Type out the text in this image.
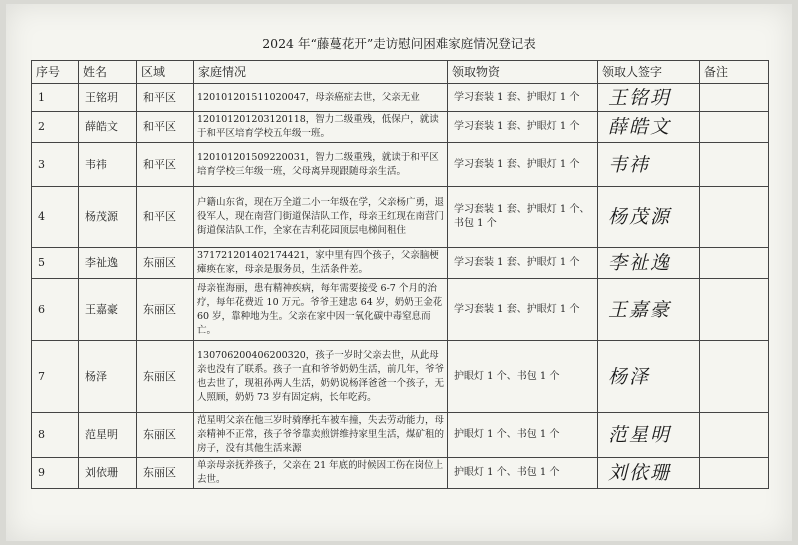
2024 年“藤蔓花开”走访慰问困难家庭情况登记表
序号	姓名	区域	家庭情况	领取物资	领取人签字	备注
1	王铭玥	和平区	120101201511020047，母亲癌症去世，父亲无业	学习套装 1 套、护眼灯 1 个	王铭玥	
2	薛皓文	和平区	120101201203120118，智力二级重残，低保户，就读于和平区培育学校五年级一班。	学习套装 1 套、护眼灯 1 个	薛皓文	
3	韦祎	和平区	120101201509220031，智力二级重残，就读于和平区培育学校三年级一班，父母离异现跟随母亲生活。	学习套装 1 套、护眼灯 1 个	韦祎	
4	杨茂源	和平区	户籍山东省，现在万全道二小一年级在学，父亲杨广勇，退役军人，现在南营门街道保洁队工作，母亲王红现在南营门街道保洁队工作，全家在吉利花园顶层电梯间租住	学习套装 1 套、护眼灯 1 个、书包 1 个	杨茂源	
5	李祉逸	东丽区	371721201402174421，家中里有四个孩子，父亲脑梗瘫痪在家，母亲是服务员，生活条件差。	学习套装 1 套、护眼灯 1 个	李祉逸	
6	王嘉豪	东丽区	母亲崔海丽，患有精神疾病，每年需要接受 6-7 个月的治疗，每年花费近 10 万元。爷爷王建忠 64 岁，奶奶王金花 60 岁，靠种地为生。父亲在家中因一氧化碳中毒窒息而亡。	学习套装 1 套、护眼灯 1 个	王嘉豪	
7	杨泽	东丽区	130706200406200320，孩子一岁时父亲去世，从此母亲也没有了联系。孩子一直和爷爷奶奶生活，前几年，爷爷也去世了，现祖孙两人生活，奶奶说杨泽爸爸一个孩子，无人照顾，奶奶 73 岁有固定病，长年吃药。	护眼灯 1 个、书包 1 个	杨泽	
8	范星明	东丽区	范星明父亲在他三岁时骑摩托车被车撞，失去劳动能力，母亲精神不正常，孩子爷爷靠卖煎饼维持家里生活，煤矿租的房子，没有其他生活来源	护眼灯 1 个、书包 1 个	范星明	
9	刘依珊	东丽区	单亲母亲抚养孩子，父亲在 21 年底的时候因工伤在岗位上去世。	护眼灯 1 个、书包 1 个	刘依珊	
